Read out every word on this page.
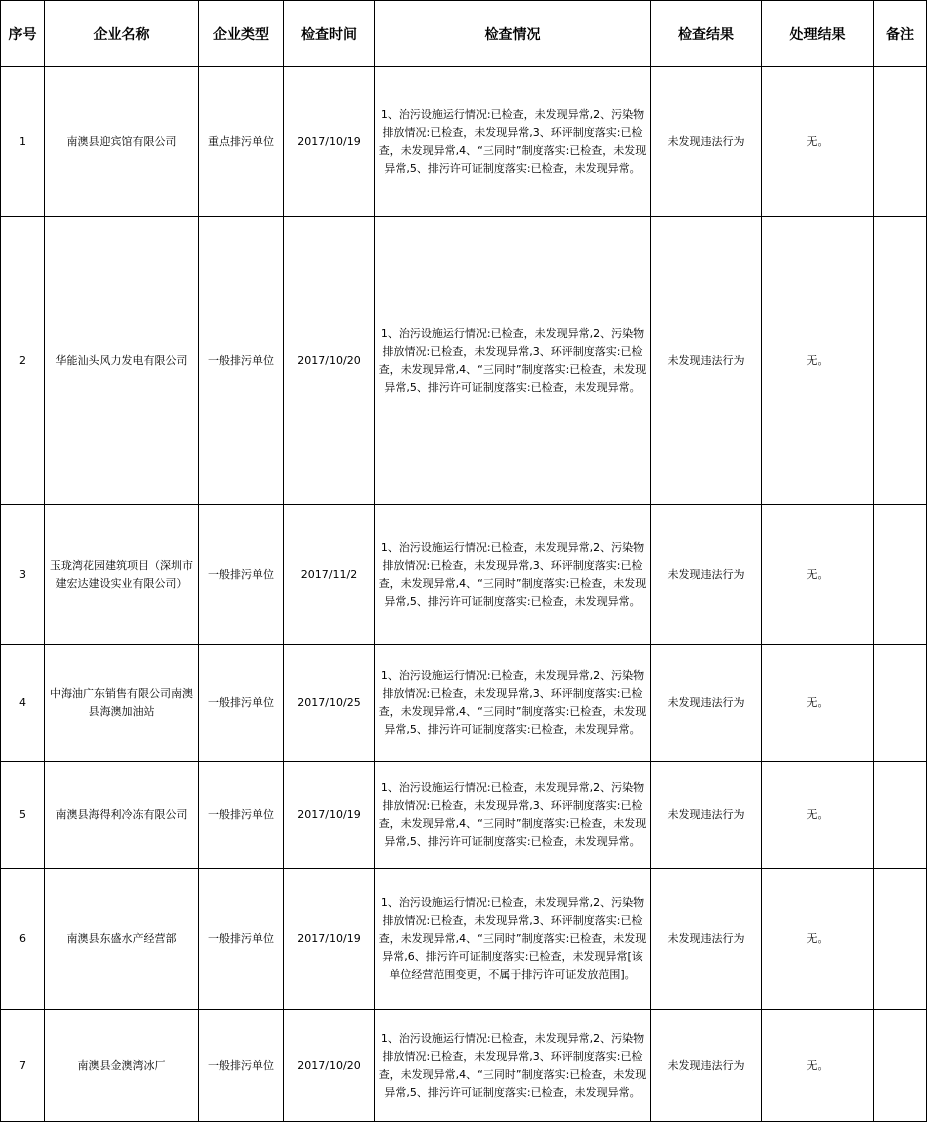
序号	企业名称	企业类型	检查时间	检查情况	检查结果	处理结果	备注
1	南澳县迎宾馆有限公司	重点排污单位	2017/10/19	1、治污设施运行情况:已检查，未发现异常,2、污染物排放情况:已检查，未发现异常,3、环评制度落实:已检查，未发现异常,4、“三同时”制度落实:已检查，未发现异常,5、排污许可证制度落实:已检查，未发现异常。	未发现违法行为	无。	
2	华能汕头风力发电有限公司	一般排污单位	2017/10/20	1、治污设施运行情况:已检查，未发现异常,2、污染物排放情况:已检查，未发现异常,3、环评制度落实:已检查，未发现异常,4、“三同时”制度落实:已检查，未发现异常,5、排污许可证制度落实:已检查，未发现异常。	未发现违法行为	无。	
3	玉珑湾花园建筑项目（深圳市建宏达建设实业有限公司）	一般排污单位	2017/11/2	1、治污设施运行情况:已检查，未发现异常,2、污染物排放情况:已检查，未发现异常,3、环评制度落实:已检查，未发现异常,4、“三同时”制度落实:已检查，未发现异常,5、排污许可证制度落实:已检查，未发现异常。	未发现违法行为	无。	
4	中海油广东销售有限公司南澳县海澳加油站	一般排污单位	2017/10/25	1、治污设施运行情况:已检查，未发现异常,2、污染物排放情况:已检查，未发现异常,3、环评制度落实:已检查，未发现异常,4、“三同时”制度落实:已检查，未发现异常,5、排污许可证制度落实:已检查，未发现异常。	未发现违法行为	无。	
5	南澳县海得利冷冻有限公司	一般排污单位	2017/10/19	1、治污设施运行情况:已检查，未发现异常,2、污染物排放情况:已检查，未发现异常,3、环评制度落实:已检查，未发现异常,4、“三同时”制度落实:已检查，未发现异常,5、排污许可证制度落实:已检查，未发现异常。	未发现违法行为	无。	
6	南澳县东盛水产经营部	一般排污单位	2017/10/19	1、治污设施运行情况:已检查，未发现异常,2、污染物排放情况:已检查，未发现异常,3、环评制度落实:已检查，未发现异常,4、“三同时”制度落实:已检查，未发现异常,6、排污许可证制度落实:已检查，未发现异常[该单位经营范围变更，不属于排污许可证发放范围]。	未发现违法行为	无。	
7	南澳县金澳湾冰厂	一般排污单位	2017/10/20	1、治污设施运行情况:已检查，未发现异常,2、污染物排放情况:已检查，未发现异常,3、环评制度落实:已检查，未发现异常,4、“三同时”制度落实:已检查，未发现异常,5、排污许可证制度落实:已检查，未发现异常。	未发现违法行为	无。	
